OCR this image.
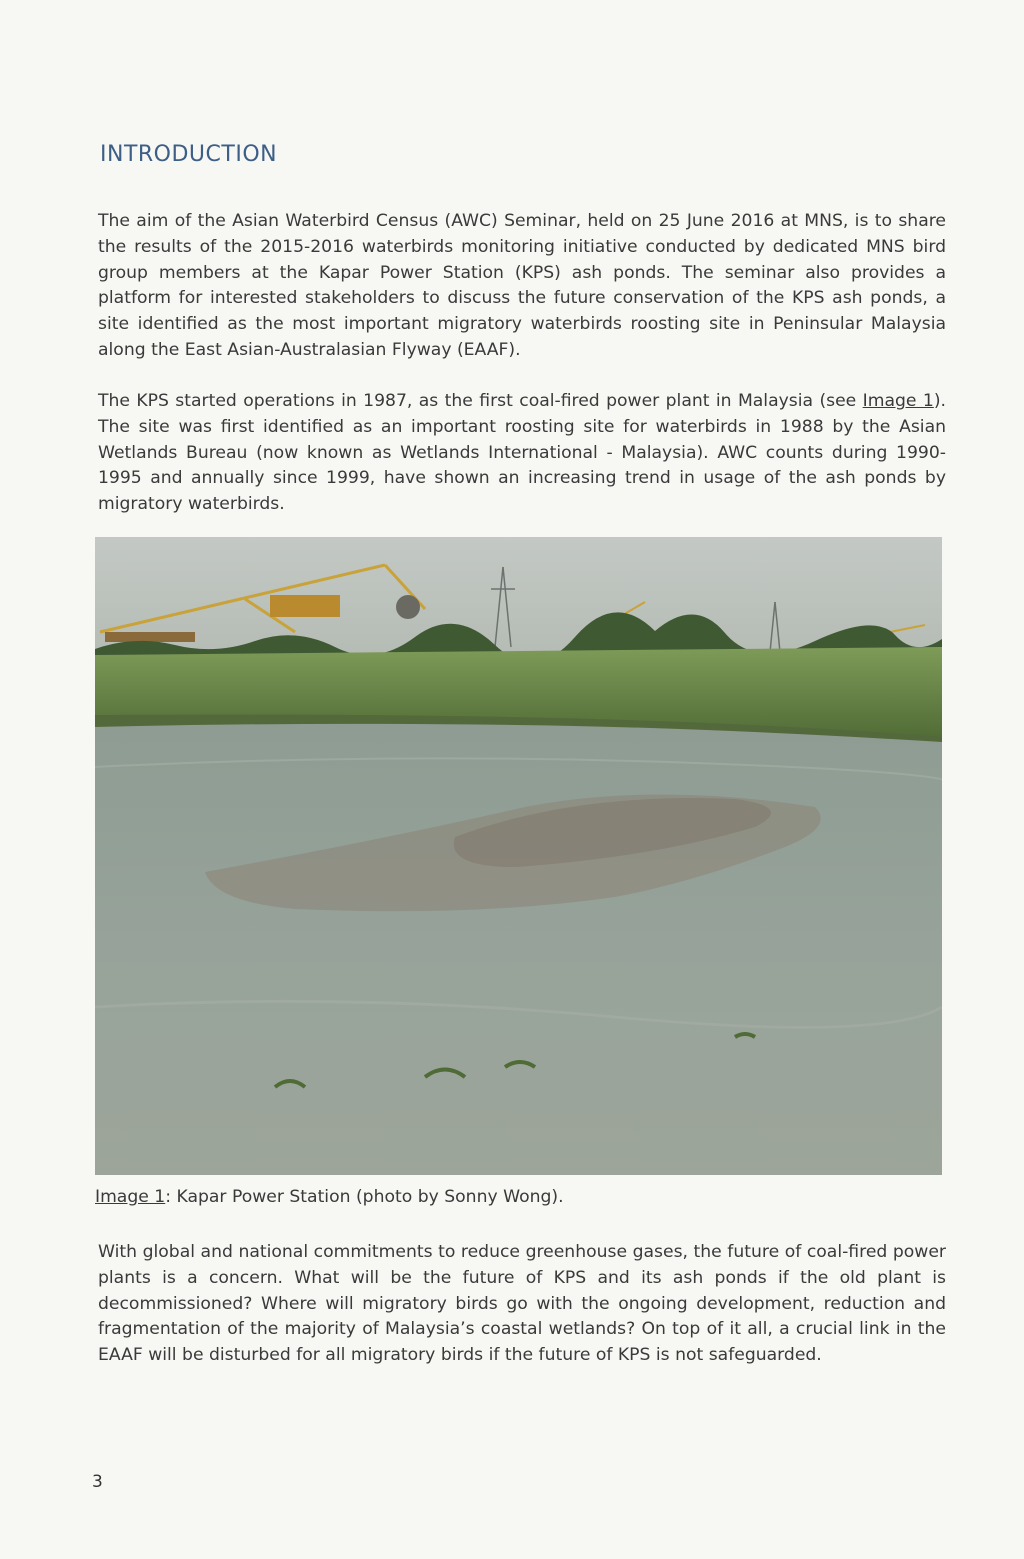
INTRODUCTION

The aim of the Asian Waterbird Census (AWC) Seminar, held on 25 June 2016 at MNS, is to share the results of the 2015-2016 waterbirds monitoring initiative conducted by dedicated MNS bird group members at the Kapar Power Station (KPS) ash ponds. The seminar also provides a platform for interested stakeholders to discuss the future conservation of the KPS ash ponds, a site identified as the most important migratory waterbirds roosting site in Peninsular Malaysia along the East Asian-Australasian Flyway (EAAF).

The KPS started operations in 1987, as the first coal-fired power plant in Malaysia (see Image 1). The site was first identified as an important roosting site for waterbirds in 1988 by the Asian Wetlands Bureau (now known as Wetlands International - Malaysia). AWC counts during 1990- 1995 and annually since 1999, have shown an increasing trend in usage of the ash ponds by migratory waterbirds.

Image 1: Kapar Power Station (photo by Sonny Wong).

With global and national commitments to reduce greenhouse gases, the future of coal-fired power plants is a concern. What will be the future of KPS and its ash ponds if the old plant is decommissioned? Where will migratory birds go with the ongoing development, reduction and fragmentation of the majority of Malaysia’s coastal wetlands? On top of it all, a crucial link in the EAAF will be disturbed for all migratory birds if the future of KPS is not safeguarded.

3
